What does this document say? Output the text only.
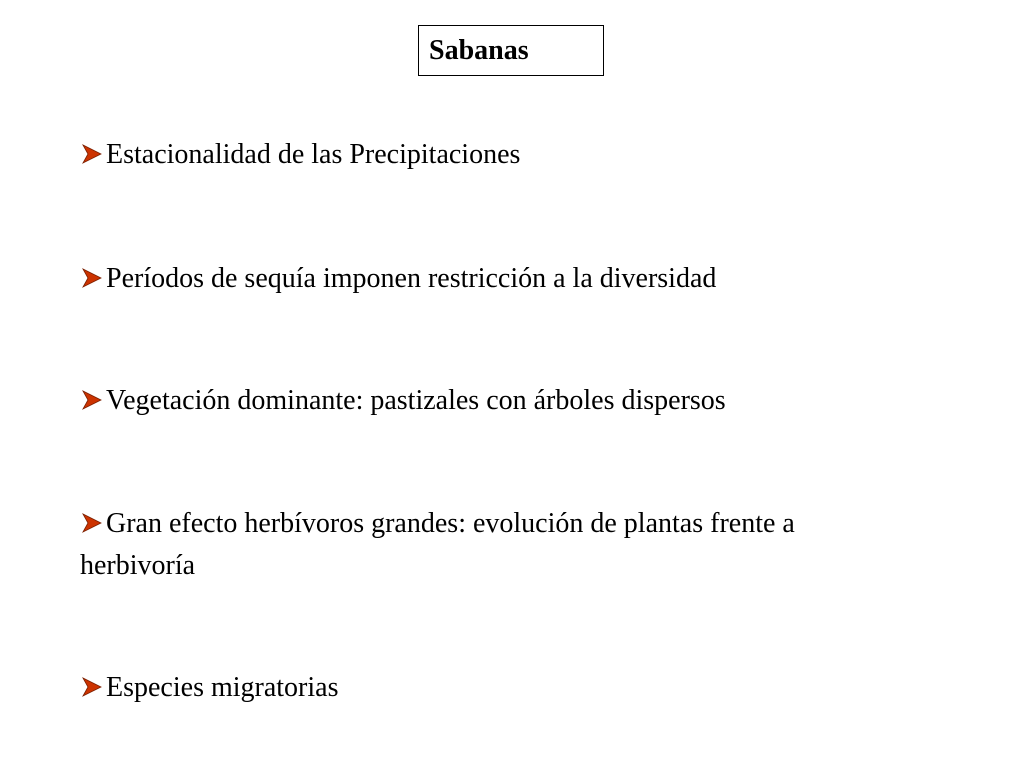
Sabanas
Estacionalidad de las Precipitaciones
Períodos de sequía imponen restricción a la diversidad
Vegetación dominante: pastizales con árboles dispersos
Gran efecto herbívoros grandes: evolución de plantas frente a herbivoría
Especies migratorias
